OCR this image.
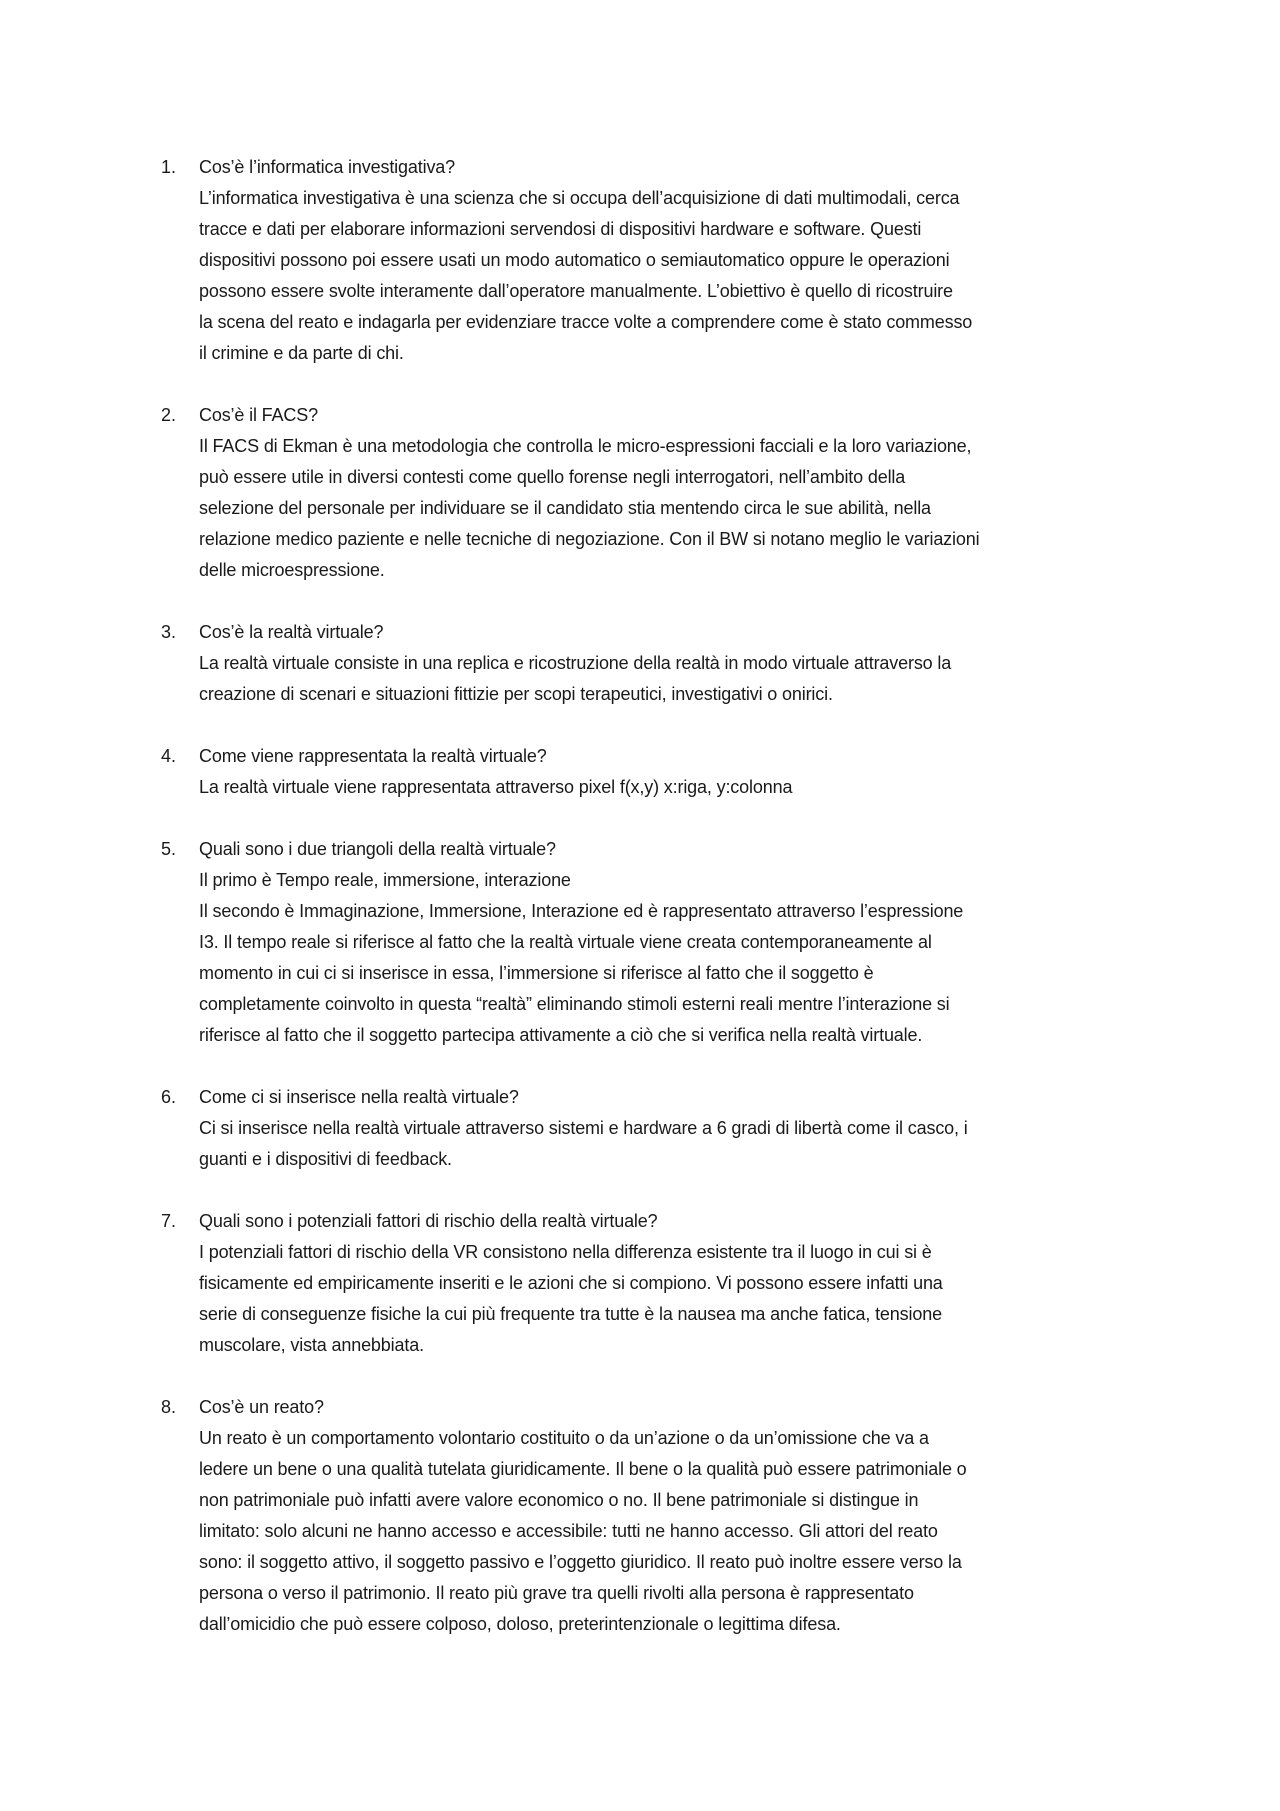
1. Cos’è l’informatica investigativa?
L’informatica investigativa è una scienza che si occupa dell’acquisizione di dati multimodali, cerca
tracce e dati per elaborare informazioni servendosi di dispositivi hardware e software. Questi
dispositivi possono poi essere usati un modo automatico o semiautomatico oppure le operazioni
possono essere svolte interamente dall’operatore manualmente. L’obiettivo è quello di ricostruire
la scena del reato e indagarla per evidenziare tracce volte a comprendere come è stato commesso
il crimine e da parte di chi.
2. Cos’è il FACS?
Il FACS di Ekman è una metodologia che controlla le micro-espressioni facciali e la loro variazione,
può essere utile in diversi contesti come quello forense negli interrogatori, nell’ambito della
selezione del personale per individuare se il candidato stia mentendo circa le sue abilità, nella
relazione medico paziente e nelle tecniche di negoziazione. Con il BW si notano meglio le variazioni
delle microespressione.
3. Cos’è la realtà virtuale?
La realtà virtuale consiste in una replica e ricostruzione della realtà in modo virtuale attraverso la
creazione di scenari e situazioni fittizie per scopi terapeutici, investigativi o onirici.
4. Come viene rappresentata la realtà virtuale?
La realtà virtuale viene rappresentata attraverso pixel f(x,y) x:riga, y:colonna
5. Quali sono i due triangoli della realtà virtuale?
Il primo è Tempo reale, immersione, interazione
Il secondo è Immaginazione, Immersione, Interazione ed è rappresentato attraverso l’espressione
I3. Il tempo reale si riferisce al fatto che la realtà virtuale viene creata contemporaneamente al
momento in cui ci si inserisce in essa, l’immersione si riferisce al fatto che il soggetto è
completamente coinvolto in questa “realtà” eliminando stimoli esterni reali mentre l’interazione si
riferisce al fatto che il soggetto partecipa attivamente a ciò che si verifica nella realtà virtuale.
6. Come ci si inserisce nella realtà virtuale?
Ci si inserisce nella realtà virtuale attraverso sistemi e hardware a 6 gradi di libertà come il casco, i
guanti e i dispositivi di feedback.
7. Quali sono i potenziali fattori di rischio della realtà virtuale?
I potenziali fattori di rischio della VR consistono nella differenza esistente tra il luogo in cui si è
fisicamente ed empiricamente inseriti e le azioni che si compiono. Vi possono essere infatti una
serie di conseguenze fisiche la cui più frequente tra tutte è la nausea ma anche fatica, tensione
muscolare, vista annebbiata.
8. Cos’è un reato?
Un reato è un comportamento volontario costituito o da un’azione o da un’omissione che va a
ledere un bene o una qualità tutelata giuridicamente. Il bene o la qualità può essere patrimoniale o
non patrimoniale può infatti avere valore economico o no. Il bene patrimoniale si distingue in
limitato: solo alcuni ne hanno accesso e accessibile: tutti ne hanno accesso. Gli attori del reato
sono: il soggetto attivo, il soggetto passivo e l’oggetto giuridico. Il reato può inoltre essere verso la
persona o verso il patrimonio. Il reato più grave tra quelli rivolti alla persona è rappresentato
dall’omicidio che può essere colposo, doloso, preterintenzionale o legittima difesa.
